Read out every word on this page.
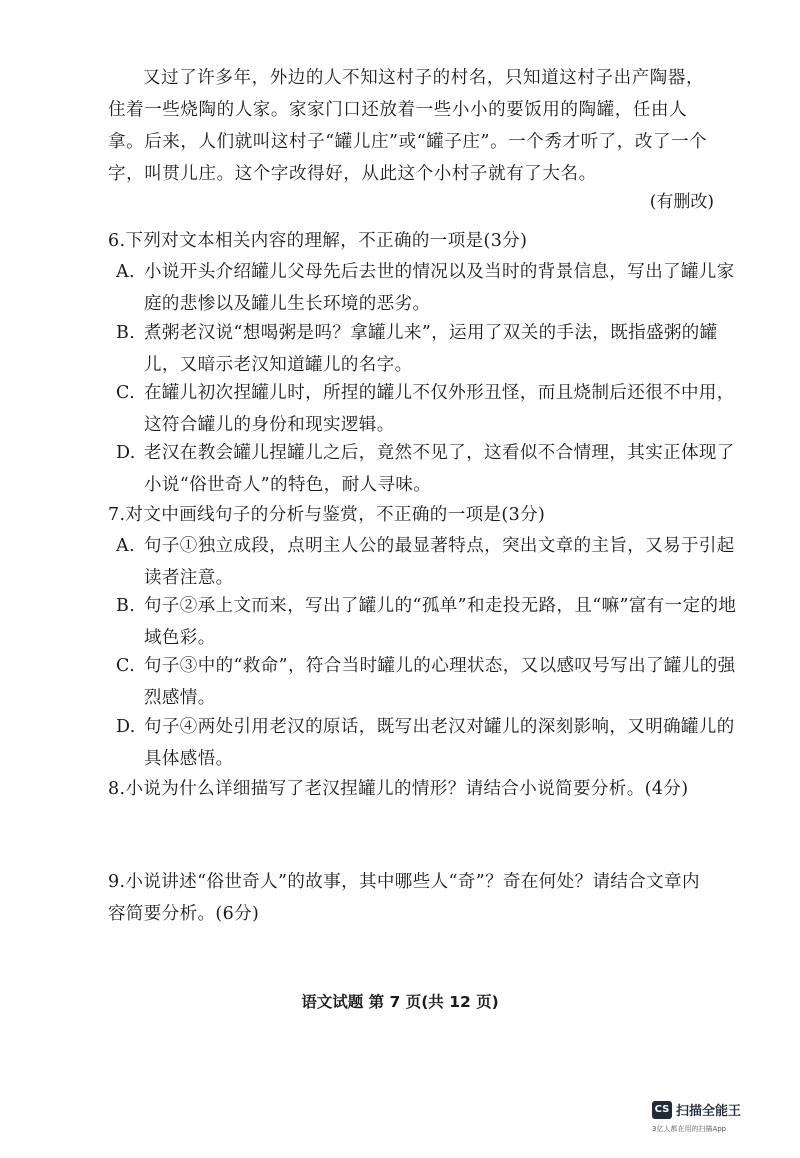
又过了许多年，外边的人不知这村子的村名，只知道这村子出产陶器，住着一些烧陶的人家。家家门口还放着一些小小的要饭用的陶罐，任由人拿。后来，人们就叫这村子“罐儿庄”或“罐子庄”。一个秀才听了，改了一个字，叫贯儿庄。这个字改得好，从此这个小村子就有了大名。

(有删改)
6.下列对文本相关内容的理解，不正确的一项是(3分)

A. 小说开头介绍罐儿父母先后去世的情况以及当时的背景信息，写出了罐儿家庭的悲惨以及罐儿生长环境的恶劣。

B. 煮粥老汉说“想喝粥是吗？拿罐儿来”，运用了双关的手法，既指盛粥的罐儿，又暗示老汉知道罐儿的名字。

C. 在罐儿初次捏罐儿时，所捏的罐儿不仅外形丑怪，而且烧制后还很不中用，这符合罐儿的身份和现实逻辑。

D. 老汉在教会罐儿捏罐儿之后，竟然不见了，这看似不合情理，其实正体现了小说“俗世奇人”的特色，耐人寻味。

7.对文中画线句子的分析与鉴赏，不正确的一项是(3分)

A. 句子①独立成段，点明主人公的最显著特点，突出文章的主旨，又易于引起读者注意。

B. 句子②承上文而来，写出了罐儿的“孤单”和走投无路，且“嘛”富有一定的地域色彩。

C. 句子③中的“救命”，符合当时罐儿的心理状态，又以感叹号写出了罐儿的强烈感情。

D. 句子④两处引用老汉的原话，既写出老汉对罐儿的深刻影响，又明确罐儿的具体感悟。

8.小说为什么详细描写了老汉捏罐儿的情形？请结合小说简要分析。(4分)
9.小说讲述“俗世奇人”的故事，其中哪些人“奇”？奇在何处？请结合文章内容简要分析。(6分)
语文试题 第 7 页(共 12 页)
CS 扫描全能王
3亿人都在用的扫描App
